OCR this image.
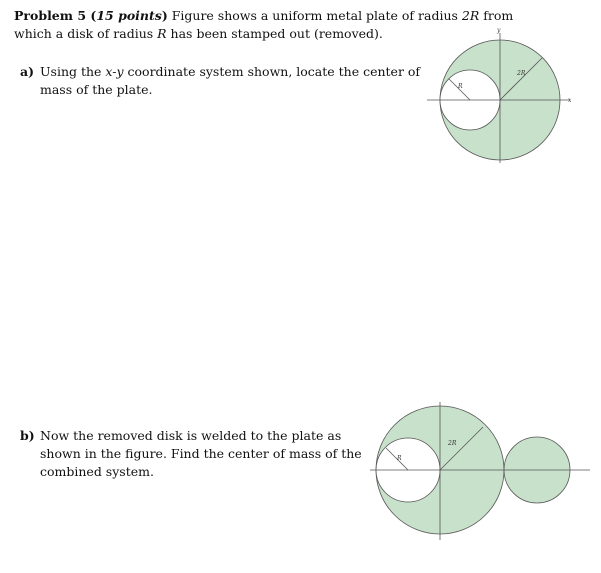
Problem 5 (15 points) Figure shows a uniform metal plate of radius 2R from which a disk of radius R has been stamped out (removed).
a) Using the x-y coordinate system shown, locate the center of mass of the plate.
b) Now the removed disk is welded to the plate as shown in the figure. Find the center of mass of the combined system.
2R
R
y
x
2R
R
